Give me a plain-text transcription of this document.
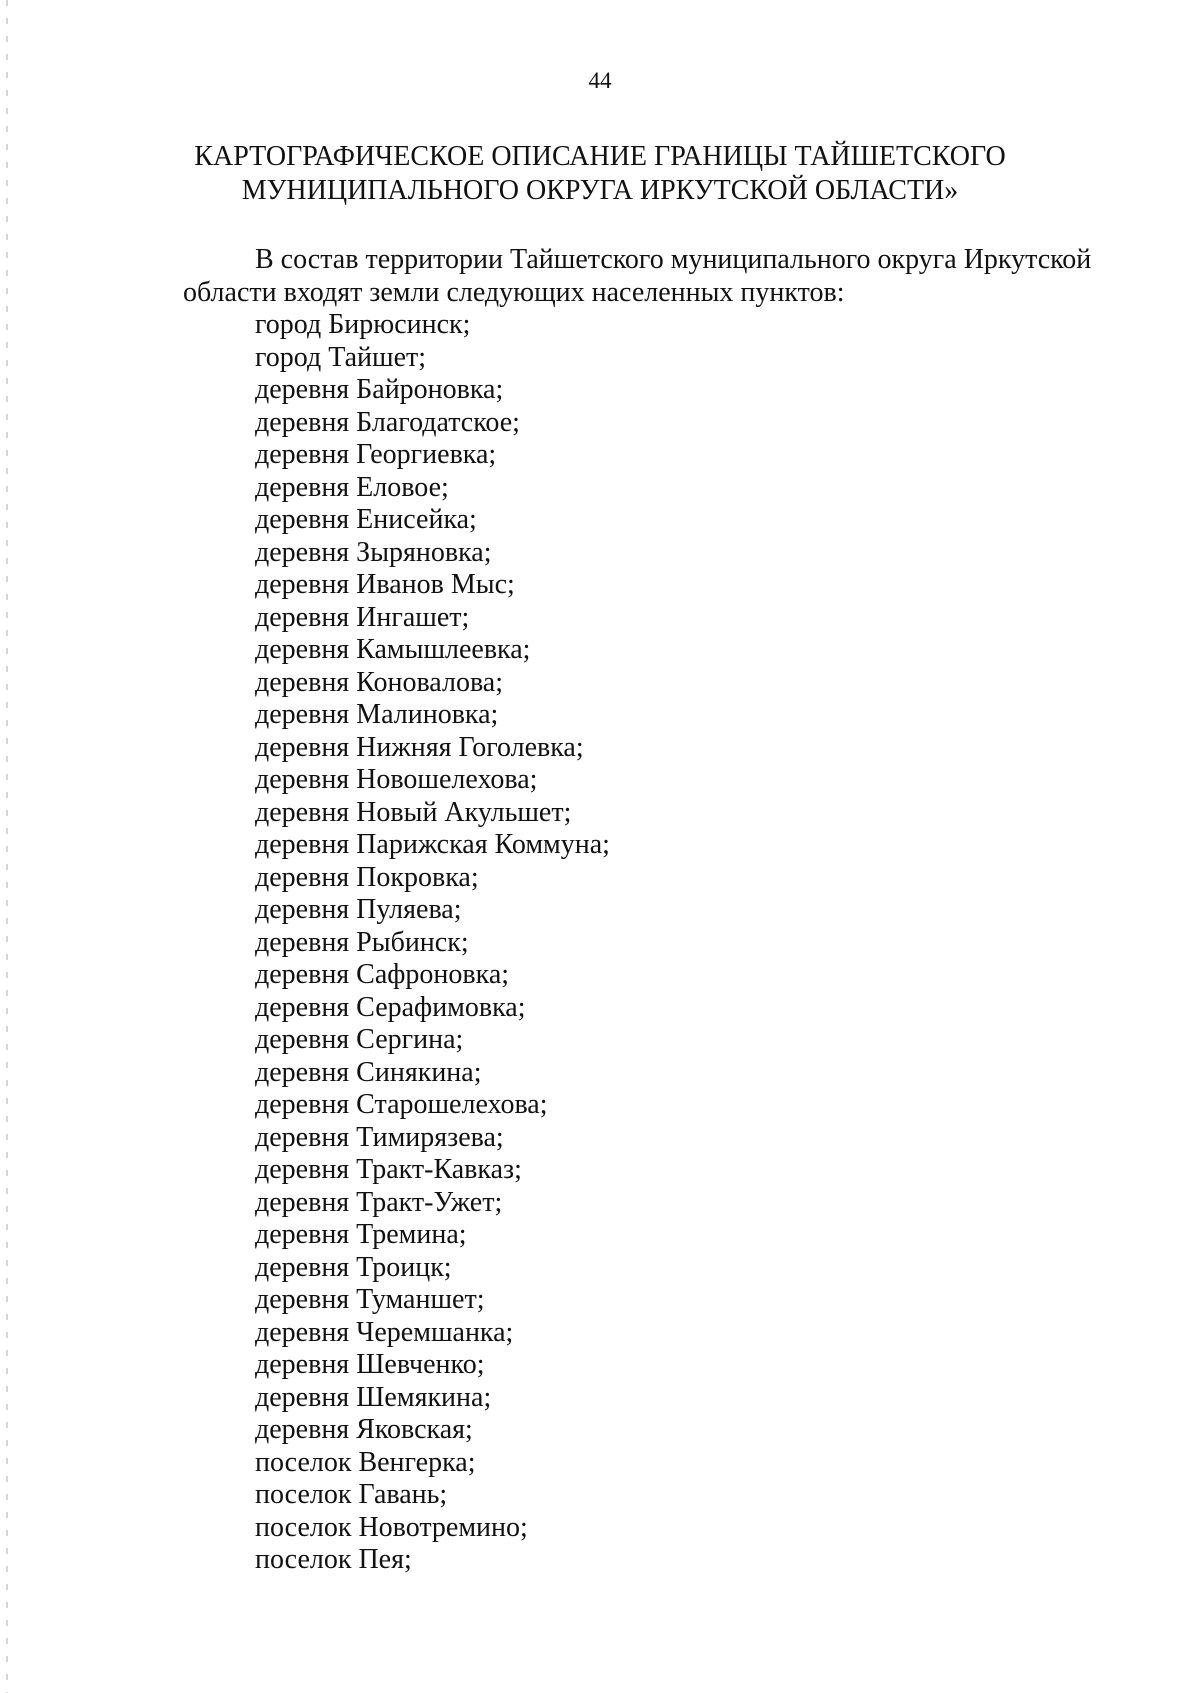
44
КАРТОГРАФИЧЕСКОЕ ОПИСАНИЕ ГРАНИЦЫ ТАЙШЕТСКОГО
МУНИЦИПАЛЬНОГО ОКРУГА ИРКУТСКОЙ ОБЛАСТИ»
В состав территории Тайшетского муниципального округа Иркутской
области входят земли следующих населенных пунктов:
город Бирюсинск;
город Тайшет;
деревня Байроновка;
деревня Благодатское;
деревня Георгиевка;
деревня Еловое;
деревня Енисейка;
деревня Зыряновка;
деревня Иванов Мыс;
деревня Ингашет;
деревня Камышлеевка;
деревня Коновалова;
деревня Малиновка;
деревня Нижняя Гоголевка;
деревня Новошелехова;
деревня Новый Акульшет;
деревня Парижская Коммуна;
деревня Покровка;
деревня Пуляева;
деревня Рыбинск;
деревня Сафроновка;
деревня Серафимовка;
деревня Сергина;
деревня Синякина;
деревня Старошелехова;
деревня Тимирязева;
деревня Тракт-Кавказ;
деревня Тракт-Ужет;
деревня Тремина;
деревня Троицк;
деревня Туманшет;
деревня Черемшанка;
деревня Шевченко;
деревня Шемякина;
деревня Яковская;
поселок Венгерка;
поселок Гавань;
поселок Новотремино;
поселок Пея;
